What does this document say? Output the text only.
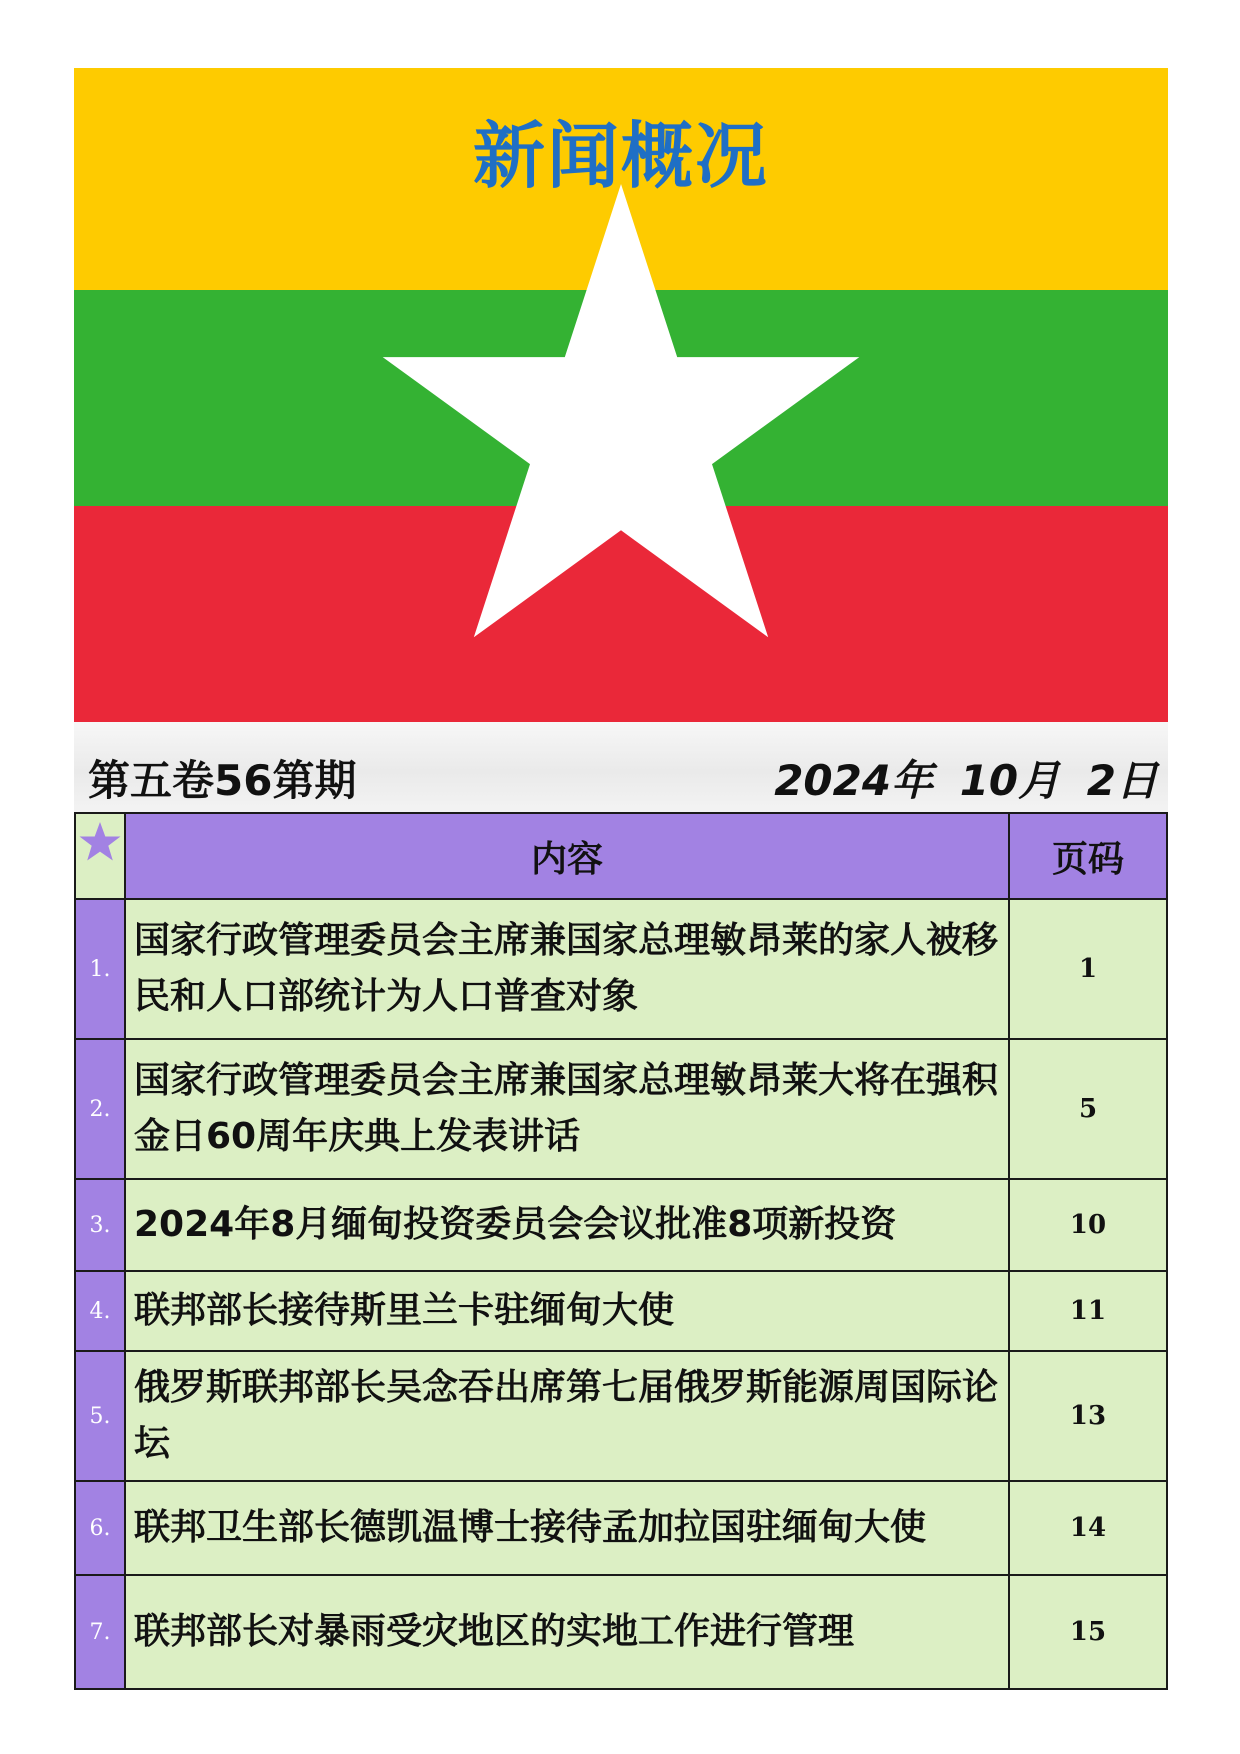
新闻概况
第五卷56第期	2024年 10月 2日
	内容	页码
1.	国家行政管理委员会主席兼国家总理敏昂莱的家人被移民和人口部统计为人口普查对象	1
2.	国家行政管理委员会主席兼国家总理敏昂莱大将在强积金日60周年庆典上发表讲话	5
3.	2024年8月缅甸投资委员会会议批准8项新投资	10
4.	联邦部长接待斯里兰卡驻缅甸大使	11
5.	俄罗斯联邦部长吴念吞出席第七届俄罗斯能源周国际论坛	13
6.	联邦卫生部长德凯温博士接待孟加拉国驻缅甸大使	14
7.	联邦部长对暴雨受灾地区的实地工作进行管理	15
